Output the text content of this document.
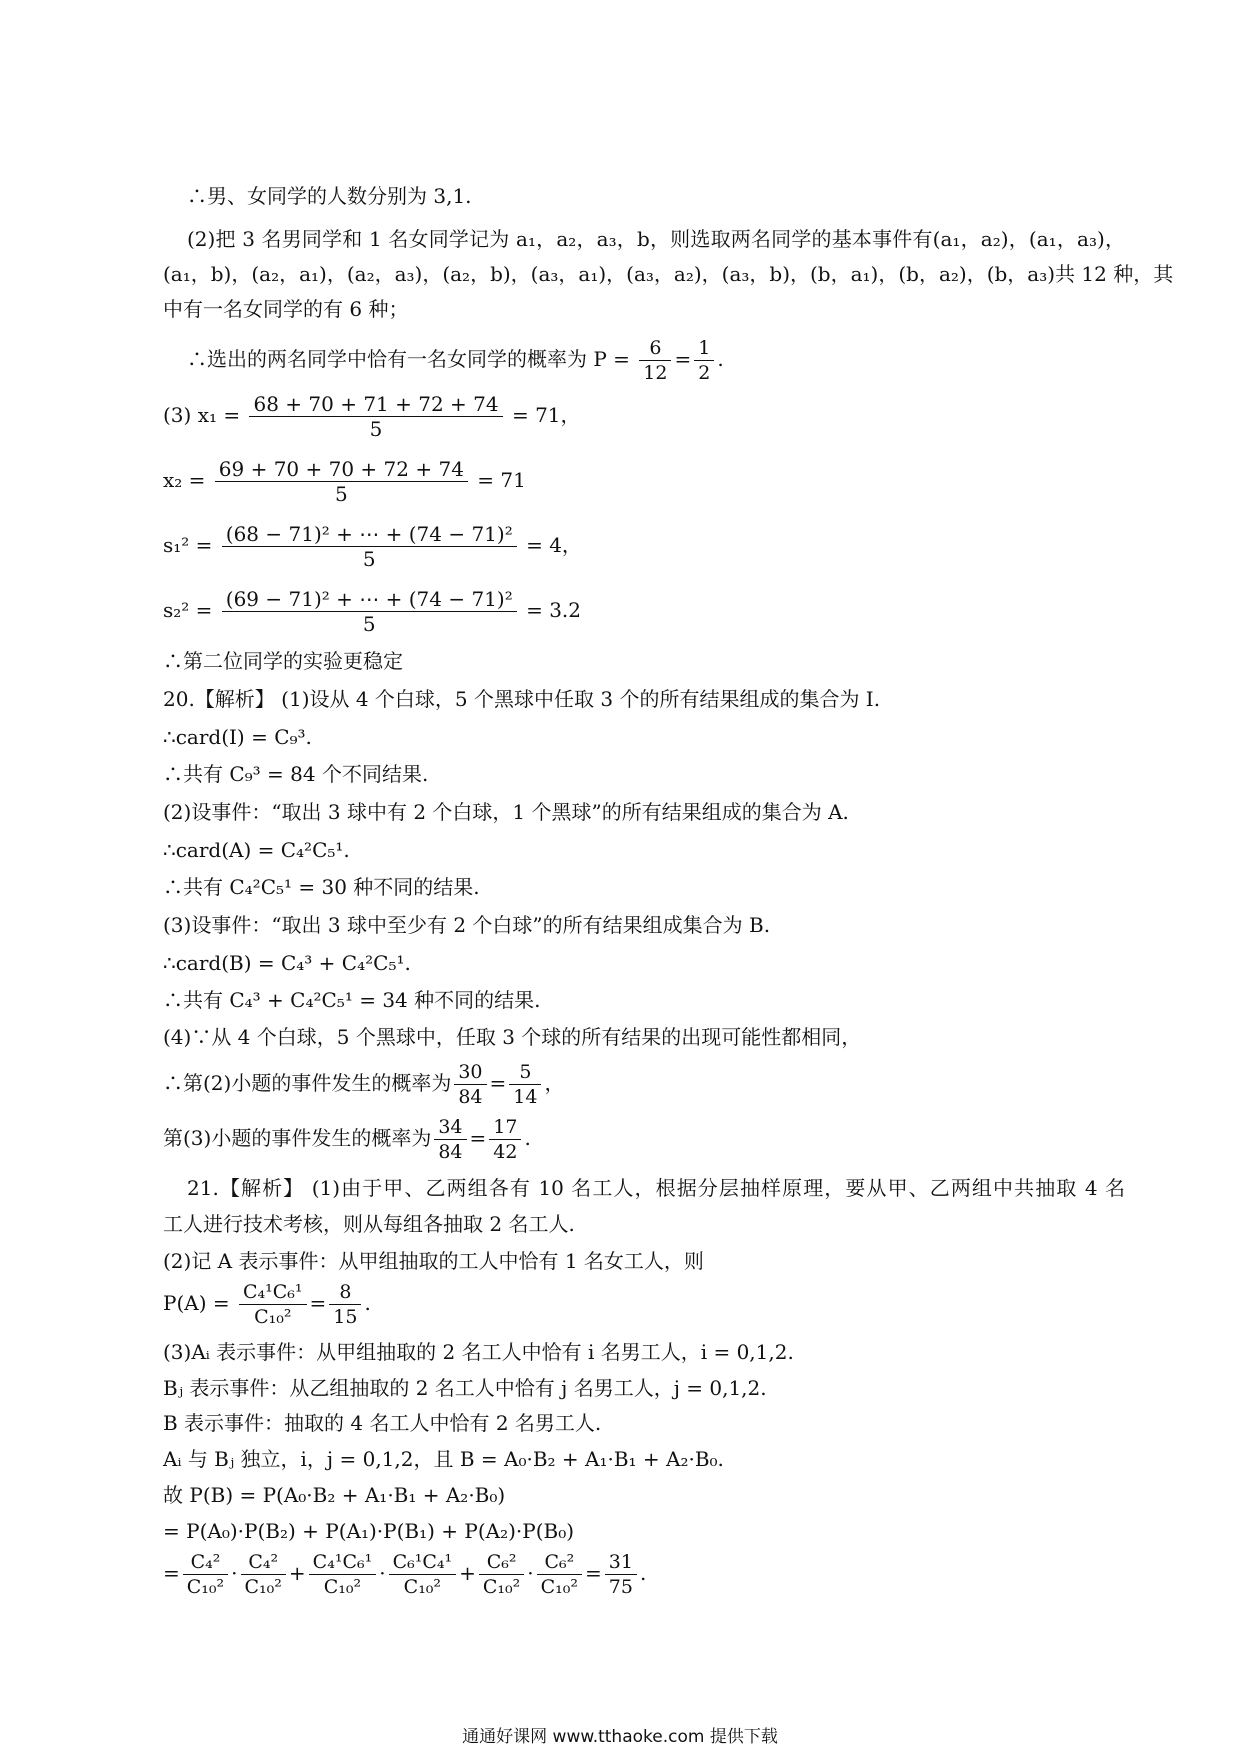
∴男、女同学的人数分别为 3,1.
(2)把 3 名男同学和 1 名女同学记为 a₁，a₂，a₃，b，则选取两名同学的基本事件有(a₁，a₂)，(a₁，a₃)，
(a₁，b)，(a₂，a₁)，(a₂，a₃)，(a₂，b)，(a₃，a₁)，(a₃，a₂)，(a₃，b)，(b，a₁)，(b，a₂)，(b，a₃)共 12 种，其
中有一名女同学的有 6 种；
∴选出的两名同学中恰有一名女同学的概率为 $P = \frac{6}{12} = \frac{1}{2}$ .
(3) $x_1 = \frac{68 + 70 + 71 + 72 + 74}{5} = 71$，
$x_2 = \frac{69 + 70 + 70 + 72 + 74}{5} = 71$
$s_1^2 = \frac{\text{(68 − 71)² + ⋯ + (74 − 71)²}}{5} = 4$，
$s_2^2 = \frac{\text{(69 − 71)² + ⋯ + (74 − 71)²}}{5} = 3.2$
∴第二位同学的实验更稳定
20.【解析】 (1)设从 4 个白球，5 个黑球中任取 3 个的所有结果组成的集合为 I.
∴card(I) = C₉³.
∴共有 C₉³ = 84 个不同结果.
(2)设事件：“取出 3 球中有 2 个白球，1 个黑球”的所有结果组成的集合为 A.
∴card(A) = C₄²C₅¹.
∴共有 C₄²C₅¹ = 30 种不同的结果.
(3)设事件：“取出 3 球中至少有 2 个白球”的所有结果组成集合为 B.
∴card(B) = C₄³ + C₄²C₅¹.
∴共有 C₄³ + C₄²C₅¹ = 34 种不同的结果.
(4)∵从 4 个白球，5 个黑球中，任取 3 个球的所有结果的出现可能性都相同，
∴第(2)小题的事件发生的概率为 $\frac{30}{84} = \frac{5}{14}$ ，
第(3)小题的事件发生的概率为 $\frac{34}{84} = \frac{17}{42}$ .
21.【解析】 (1)由于甲、乙两组各有 10 名工人，根据分层抽样原理，要从甲、乙两组中共抽取 4 名
工人进行技术考核，则从每组各抽取 2 名工人.
(2)记 A 表示事件：从甲组抽取的工人中恰有 1 名女工人，则
$P(A) = \frac{\text{C₄¹C₆¹}}{\text{C₁₀²}} = \frac{8}{15}$ .
(3)Aᵢ 表示事件：从甲组抽取的 2 名工人中恰有 i 名男工人，i = 0,1,2.
Bⱼ 表示事件：从乙组抽取的 2 名工人中恰有 j 名男工人，j = 0,1,2.
B 表示事件：抽取的 4 名工人中恰有 2 名男工人.
Aᵢ 与 Bⱼ 独立，i，j = 0,1,2，且 B = A₀·B₂ + A₁·B₁ + A₂·B₀.
故 P(B) = P(A₀·B₂ + A₁·B₁ + A₂·B₀)
= P(A₀)·P(B₂) + P(A₁)·P(B₁) + P(A₂)·P(B₀)
= $\frac{\text{C₄²}}{\text{C₁₀²}} \cdot \frac{\text{C₄²}}{\text{C₁₀²}} + \frac{\text{C₄¹C₆¹}}{\text{C₁₀²}} \cdot \frac{\text{C₆¹C₄¹}}{\text{C₁₀²}} + \frac{\text{C₆²}}{\text{C₁₀²}} \cdot \frac{\text{C₆²}}{\text{C₁₀²}} = \frac{31}{75}$ .
通通好课网 www.tthaoke.com 提供下载
